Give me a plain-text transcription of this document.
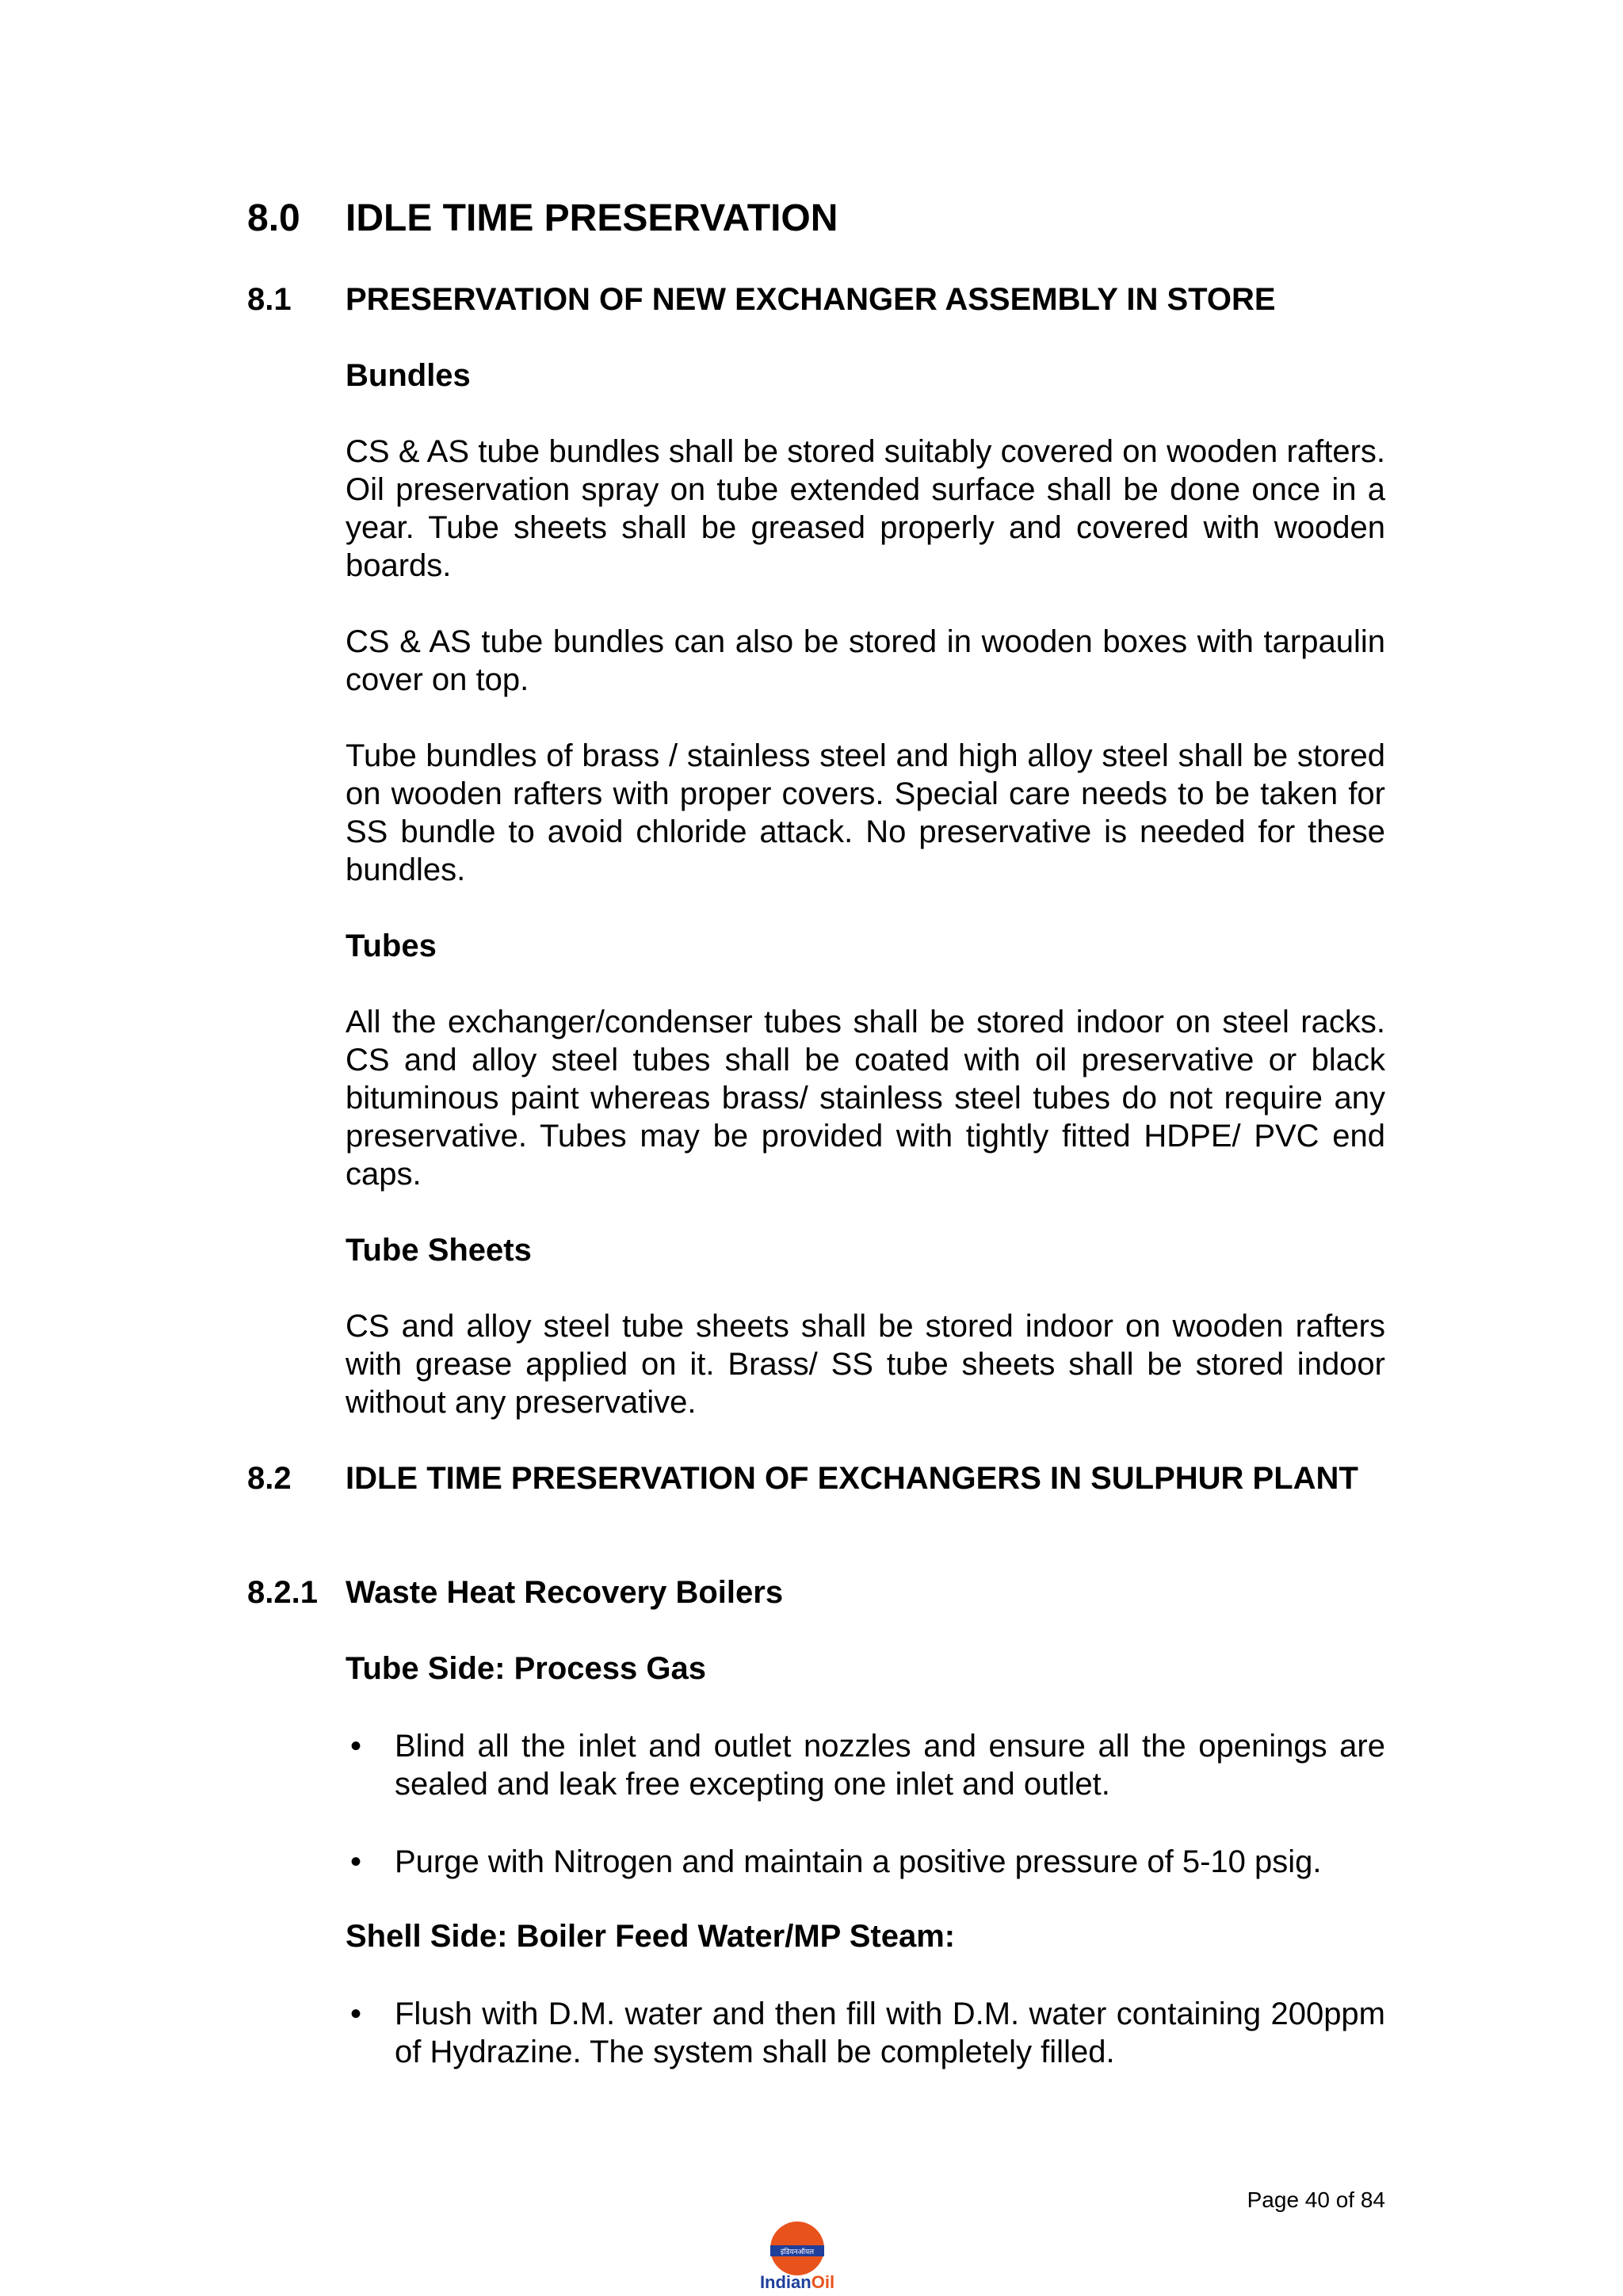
8.0 IDLE TIME PRESERVATION
8.1 PRESERVATION OF NEW EXCHANGER ASSEMBLY IN STORE
Bundles
CS & AS tube bundles shall be stored suitably covered on wooden rafters. Oil preservation spray on tube extended surface shall be done once in a year. Tube sheets shall be greased properly and covered with wooden boards.
CS & AS tube bundles can also be stored in wooden boxes with tarpaulin cover on top.
Tube bundles of brass / stainless steel and high alloy steel shall be stored on wooden rafters with proper covers. Special care needs to be taken for SS bundle to avoid chloride attack. No preservative is needed for these bundles.
Tubes
All the exchanger/condenser tubes shall be stored indoor on steel racks. CS and alloy steel tubes shall be coated with oil preservative or black bituminous paint whereas brass/ stainless steel tubes do not require any preservative. Tubes may be provided with tightly fitted HDPE/ PVC end caps.
Tube Sheets
CS and alloy steel tube sheets shall be stored indoor on wooden rafters with grease applied on it. Brass/ SS tube sheets shall be stored indoor without any preservative.
8.2 IDLE TIME PRESERVATION OF EXCHANGERS IN SULPHUR PLANT
8.2.1 Waste Heat Recovery Boilers
Tube Side: Process Gas
• Blind all the inlet and outlet nozzles and ensure all the openings are sealed and leak free excepting one inlet and outlet.
• Purge with Nitrogen and maintain a positive pressure of 5-10 psig.
Shell Side: Boiler Feed Water/MP Steam:
• Flush with D.M. water and then fill with D.M. water containing 200ppm of Hydrazine. The system shall be completely filled.
Page 40 of 84
इंडियनऑयल
IndianOil
